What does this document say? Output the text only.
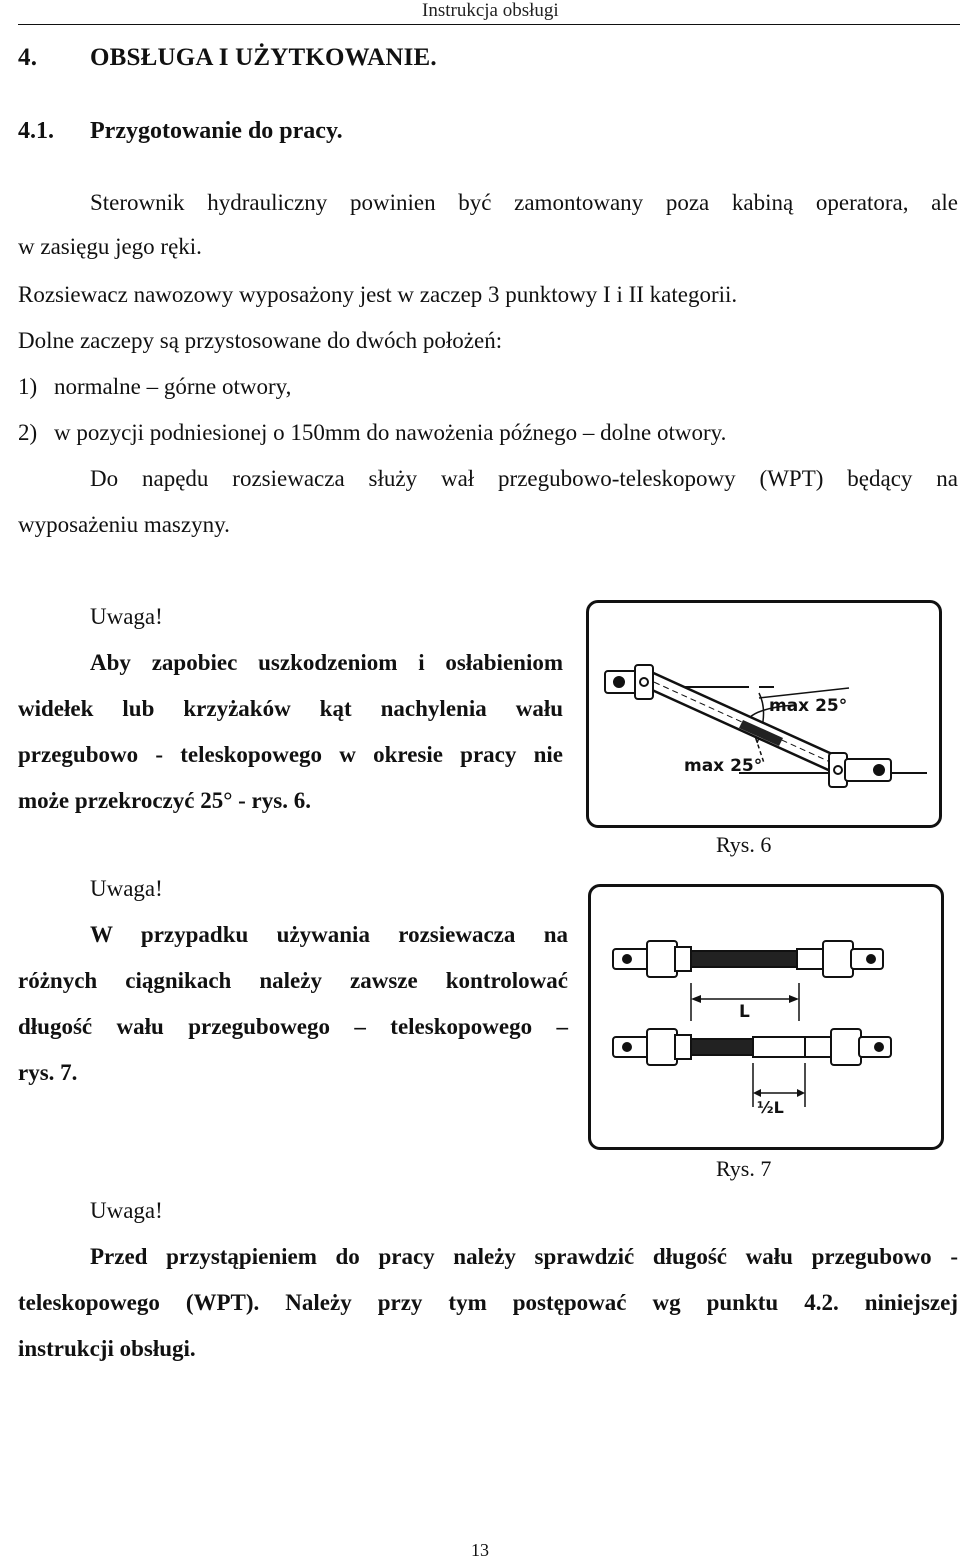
Instrukcja obsługi
4. OBSŁUGA I UŻYTKOWANIE.
4.1. Przygotowanie do pracy.
Sterownik hydrauliczny powinien być zamontowany poza kabiną operatora, ale
w zasięgu jego ręki.
Rozsiewacz nawozowy wyposażony jest w zaczep 3 punktowy I i II kategorii.
Dolne zaczepy są przystosowane do dwóch położeń:
1) normalne – górne otwory,
2) w pozycji podniesionej o 150mm do nawożenia późnego – dolne otwory.
Do napędu rozsiewacza służy wał przegubowo-teleskopowy (WPT) będący na
wyposażeniu maszyny.
Uwaga!
Aby zapobiec uszkodzeniom i osłabieniom
widełek lub krzyżaków kąt nachylenia wału
przegubowo - teleskopowego w okresie pracy nie
może przekroczyć 25° - rys. 6.
max 25°
max 25°
Rys. 6
Uwaga!
W przypadku używania rozsiewacza na
różnych ciągnikach należy zawsze kontrolować
długość wału przegubowego – teleskopowego –
rys. 7.
L
½L
Rys. 7
Uwaga!
Przed przystąpieniem do pracy należy sprawdzić długość wału przegubowo -
teleskopowego (WPT). Należy przy tym postępować wg punktu 4.2. niniejszej
instrukcji obsługi.
13
